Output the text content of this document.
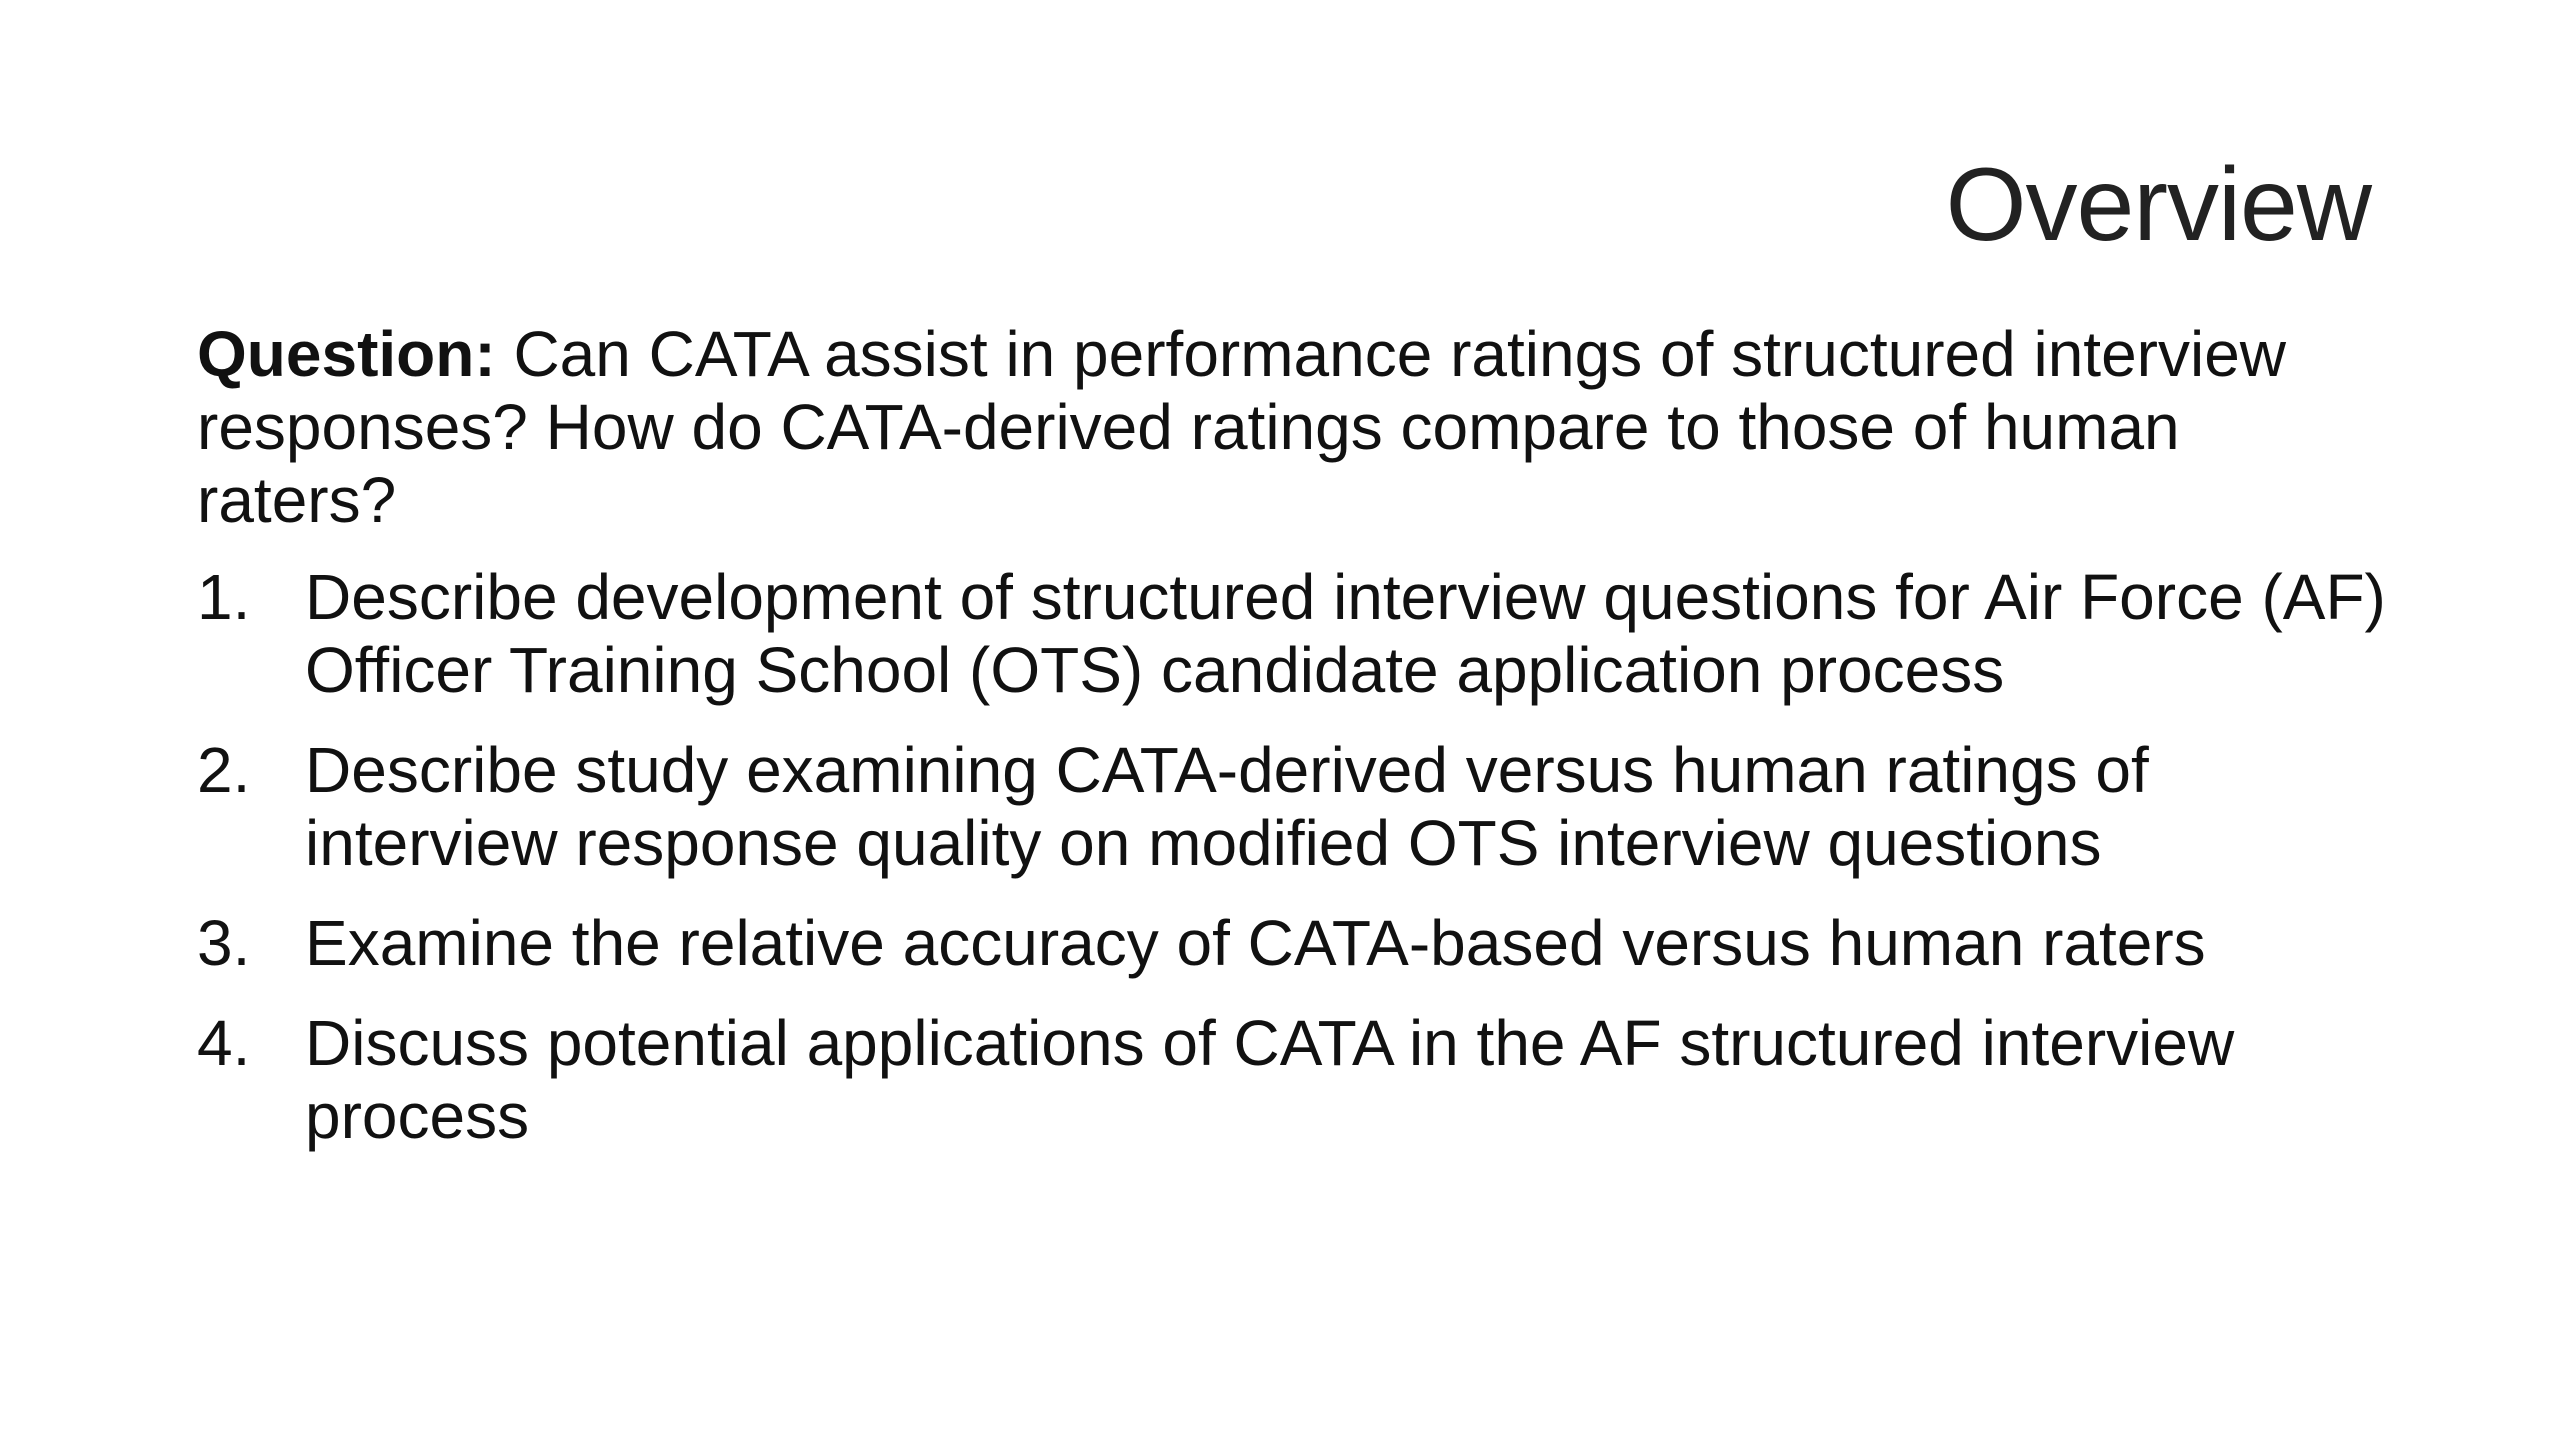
Overview

Question: Can CATA assist in performance ratings of structured interview responses? How do CATA-derived ratings compare to those of human raters?

1. Describe development of structured interview questions for Air Force (AF) Officer Training School (OTS) candidate application process
2. Describe study examining CATA-derived versus human ratings of interview response quality on modified OTS interview questions
3. Examine the relative accuracy of CATA-based versus human raters
4. Discuss potential applications of CATA in the AF structured interview process
